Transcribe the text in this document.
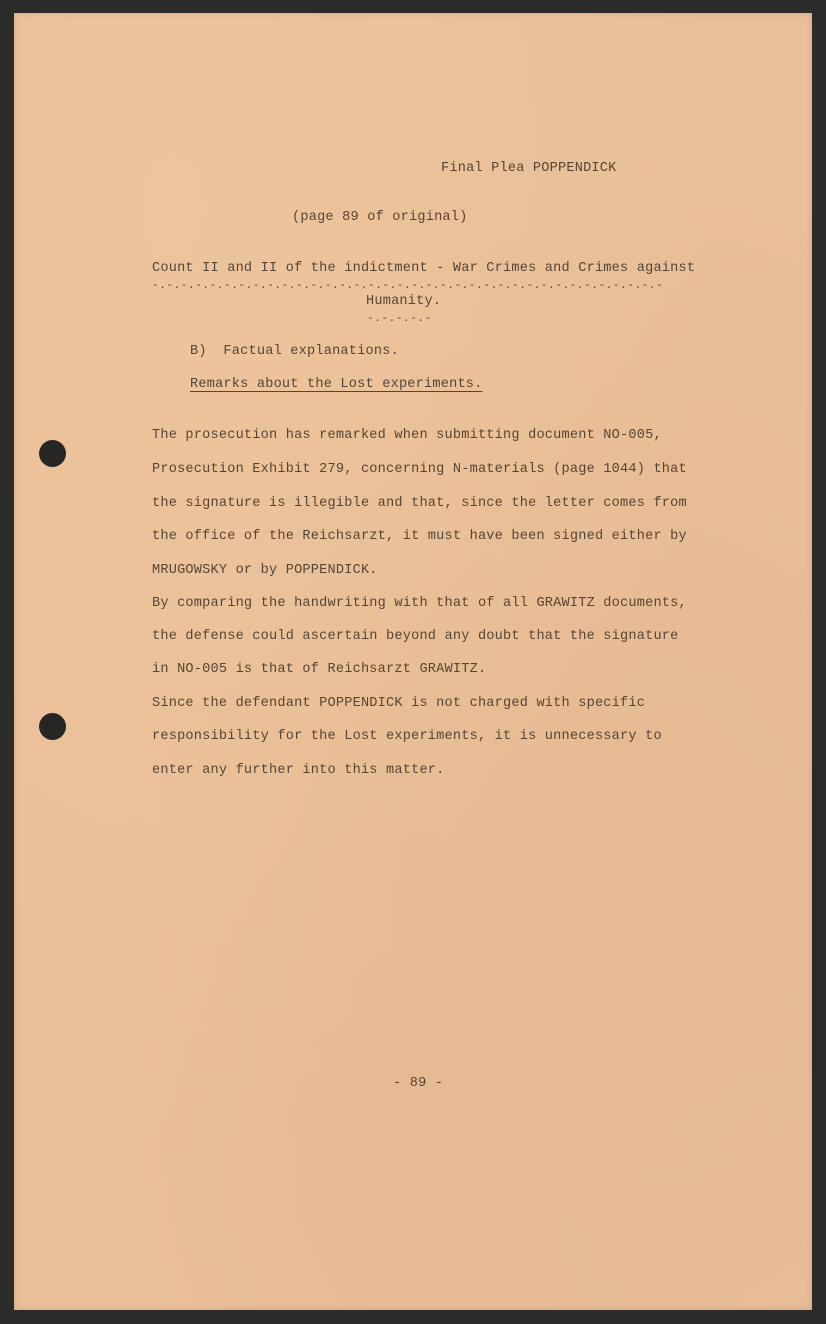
Final Plea POPPENDICK
(page 89 of original)
Count II and II of the indictment - War Crimes and Crimes against
-.-.-.-.-.-.-.-.-.-.-.-.-.-.-.-.-.-.-.-.-.-.-.-.-.-.-.-.-.-.-.-.-.-.-.-
Humanity.
-.-.-.-.-
B)  Factual explanations.
Remarks about the Lost experiments.
The prosecution has remarked when submitting document NO-005,
Prosecution Exhibit 279, concerning N-materials (page 1044) that
the signature is illegible and that, since the letter comes from
the office of the Reichsarzt, it must have been signed either by
MRUGOWSKY or by POPPENDICK.
By comparing the handwriting with that of all GRAWITZ documents,
the defense could ascertain beyond any doubt that the signature
in NO-005 is that of Reichsarzt GRAWITZ.
Since the defendant POPPENDICK is not charged with specific
responsibility for the Lost experiments, it is unnecessary to
enter any further into this matter.
- 89 -
